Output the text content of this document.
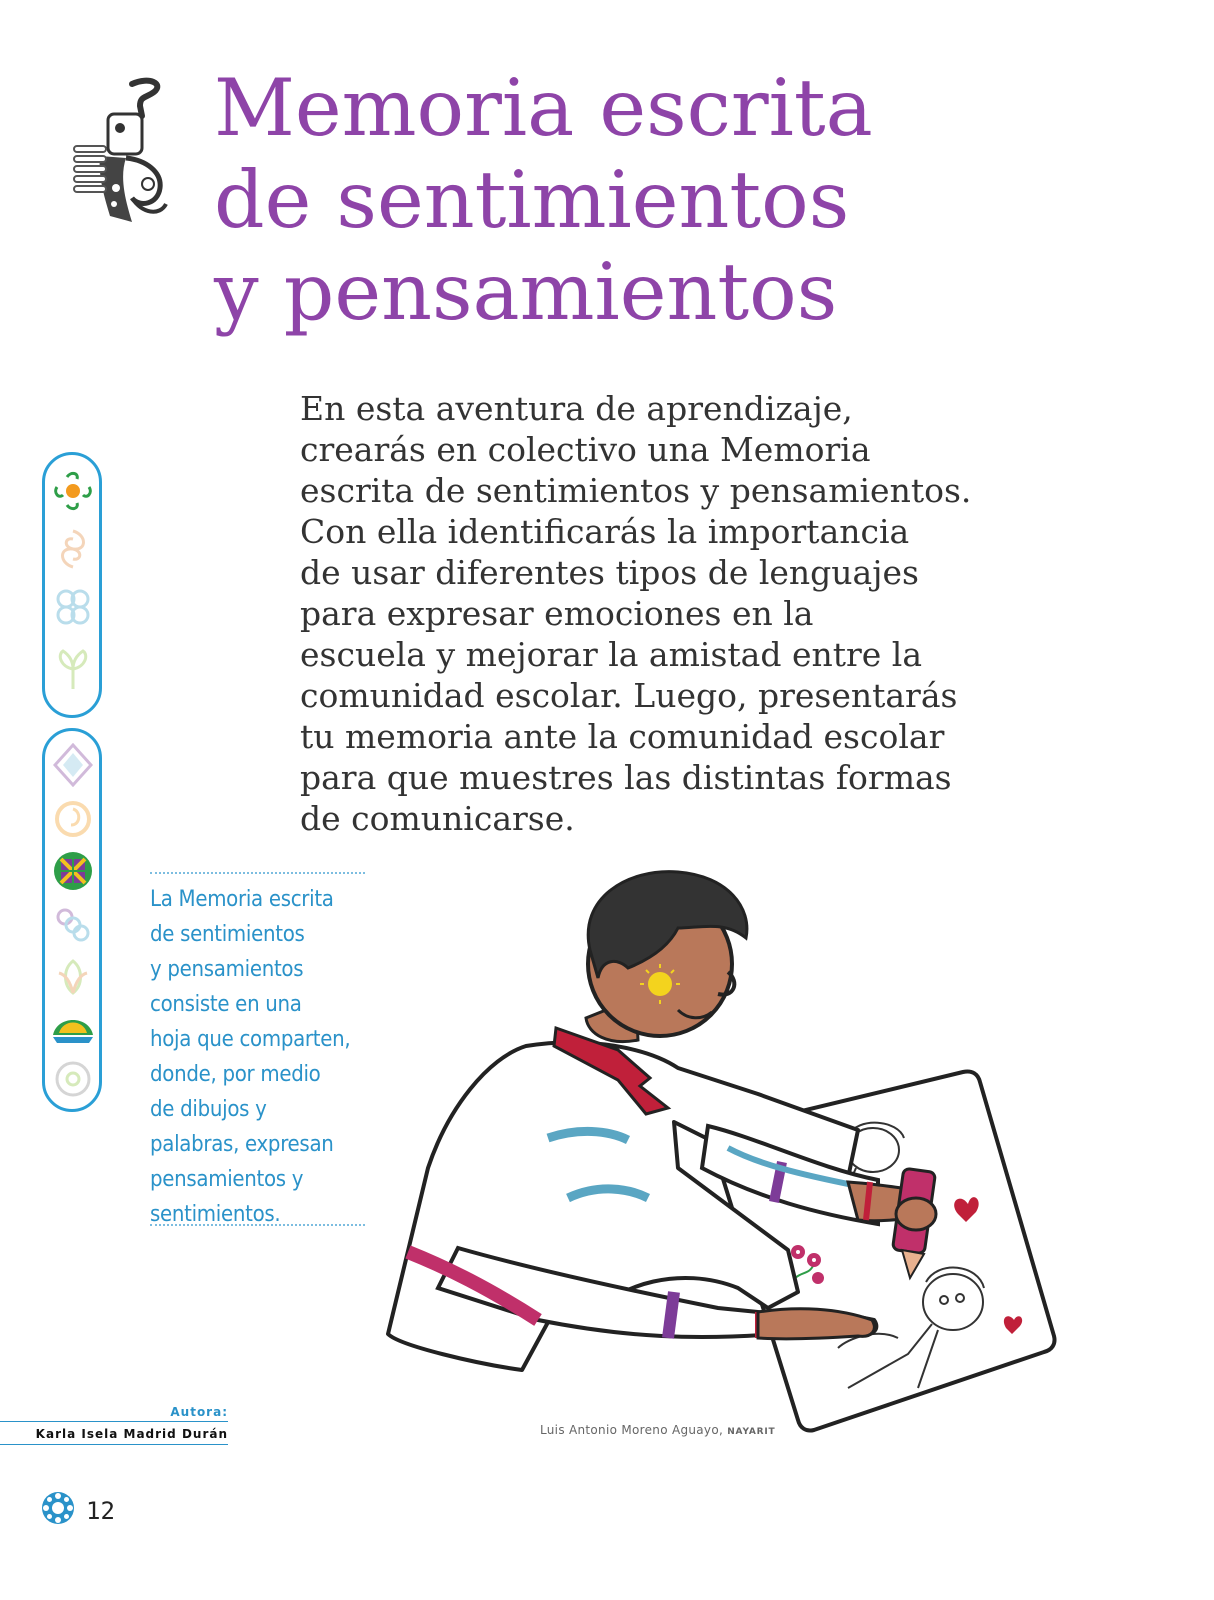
Memoria escrita
de sentimientos
y pensamientos

En esta aventura de aprendizaje,
crearás en colectivo una Memoria
escrita de sentimientos y pensamientos.
Con ella identificarás la importancia
de usar diferentes tipos de lenguajes
para expresar emociones en la
escuela y mejorar la amistad entre la
comunidad escolar. Luego, presentarás
tu memoria ante la comunidad escolar
para que muestres las distintas formas
de comunicarse.

La Memoria escrita
de sentimientos
y pensamientos
consiste en una
hoja que comparten,
donde, por medio
de dibujos y
palabras, expresan
pensamientos y
sentimientos.
Autora:
Karla Isela Madrid Durán	Luis Antonio Moreno Aguayo, NAYARIT
12
